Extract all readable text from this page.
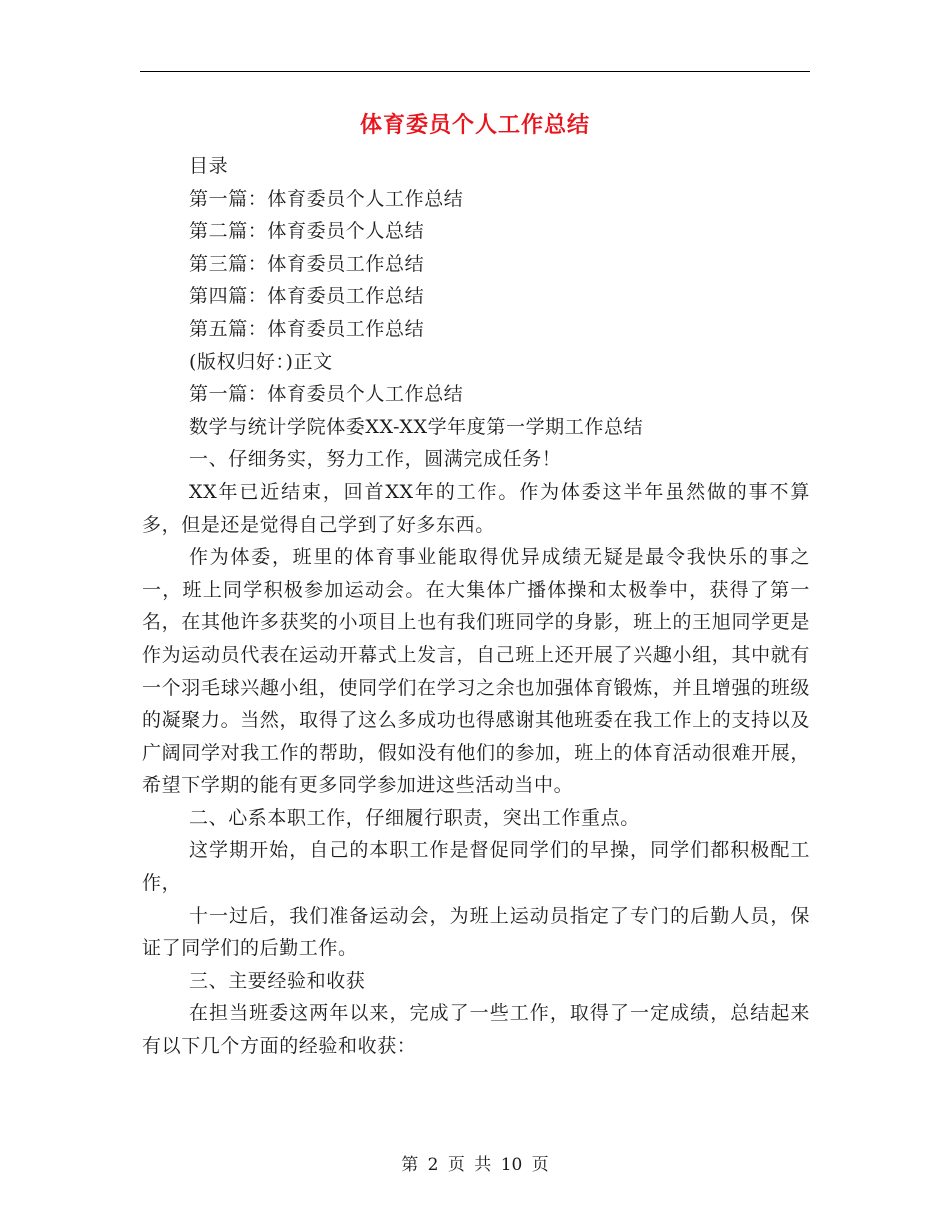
体育委员个人工作总结

目录

第一篇：体育委员个人工作总结

第二篇：体育委员个人总结

第三篇：体育委员工作总结

第四篇：体育委员工作总结

第五篇：体育委员工作总结

(版权归好：)正文

第一篇：体育委员个人工作总结

数学与统计学院体委XX-XX学年度第一学期工作总结

一、仔细务实，努力工作，圆满完成任务！

XX年已近结束，回首XX年的工作。作为体委这半年虽然做的事不算多，但是还是觉得自己学到了好多东西。

作为体委，班里的体育事业能取得优异成绩无疑是最令我快乐的事之一，班上同学积极参加运动会。在大集体广播体操和太极拳中，获得了第一名，在其他许多获奖的小项目上也有我们班同学的身影，班上的王旭同学更是作为运动员代表在运动开幕式上发言，自己班上还开展了兴趣小组，其中就有一个羽毛球兴趣小组，使同学们在学习之余也加强体育锻炼，并且增强的班级的凝聚力。当然，取得了这么多成功也得感谢其他班委在我工作上的支持以及广阔同学对我工作的帮助，假如没有他们的参加，班上的体育活动很难开展，希望下学期的能有更多同学参加进这些活动当中。

二、心系本职工作，仔细履行职责，突出工作重点。

这学期开始，自己的本职工作是督促同学们的早操，同学们都积极配工作，

十一过后，我们准备运动会，为班上运动员指定了专门的后勤人员，保证了同学们的后勤工作。

三、主要经验和收获

在担当班委这两年以来，完成了一些工作，取得了一定成绩，总结起来有以下几个方面的经验和收获：

第 2 页 共 10 页
